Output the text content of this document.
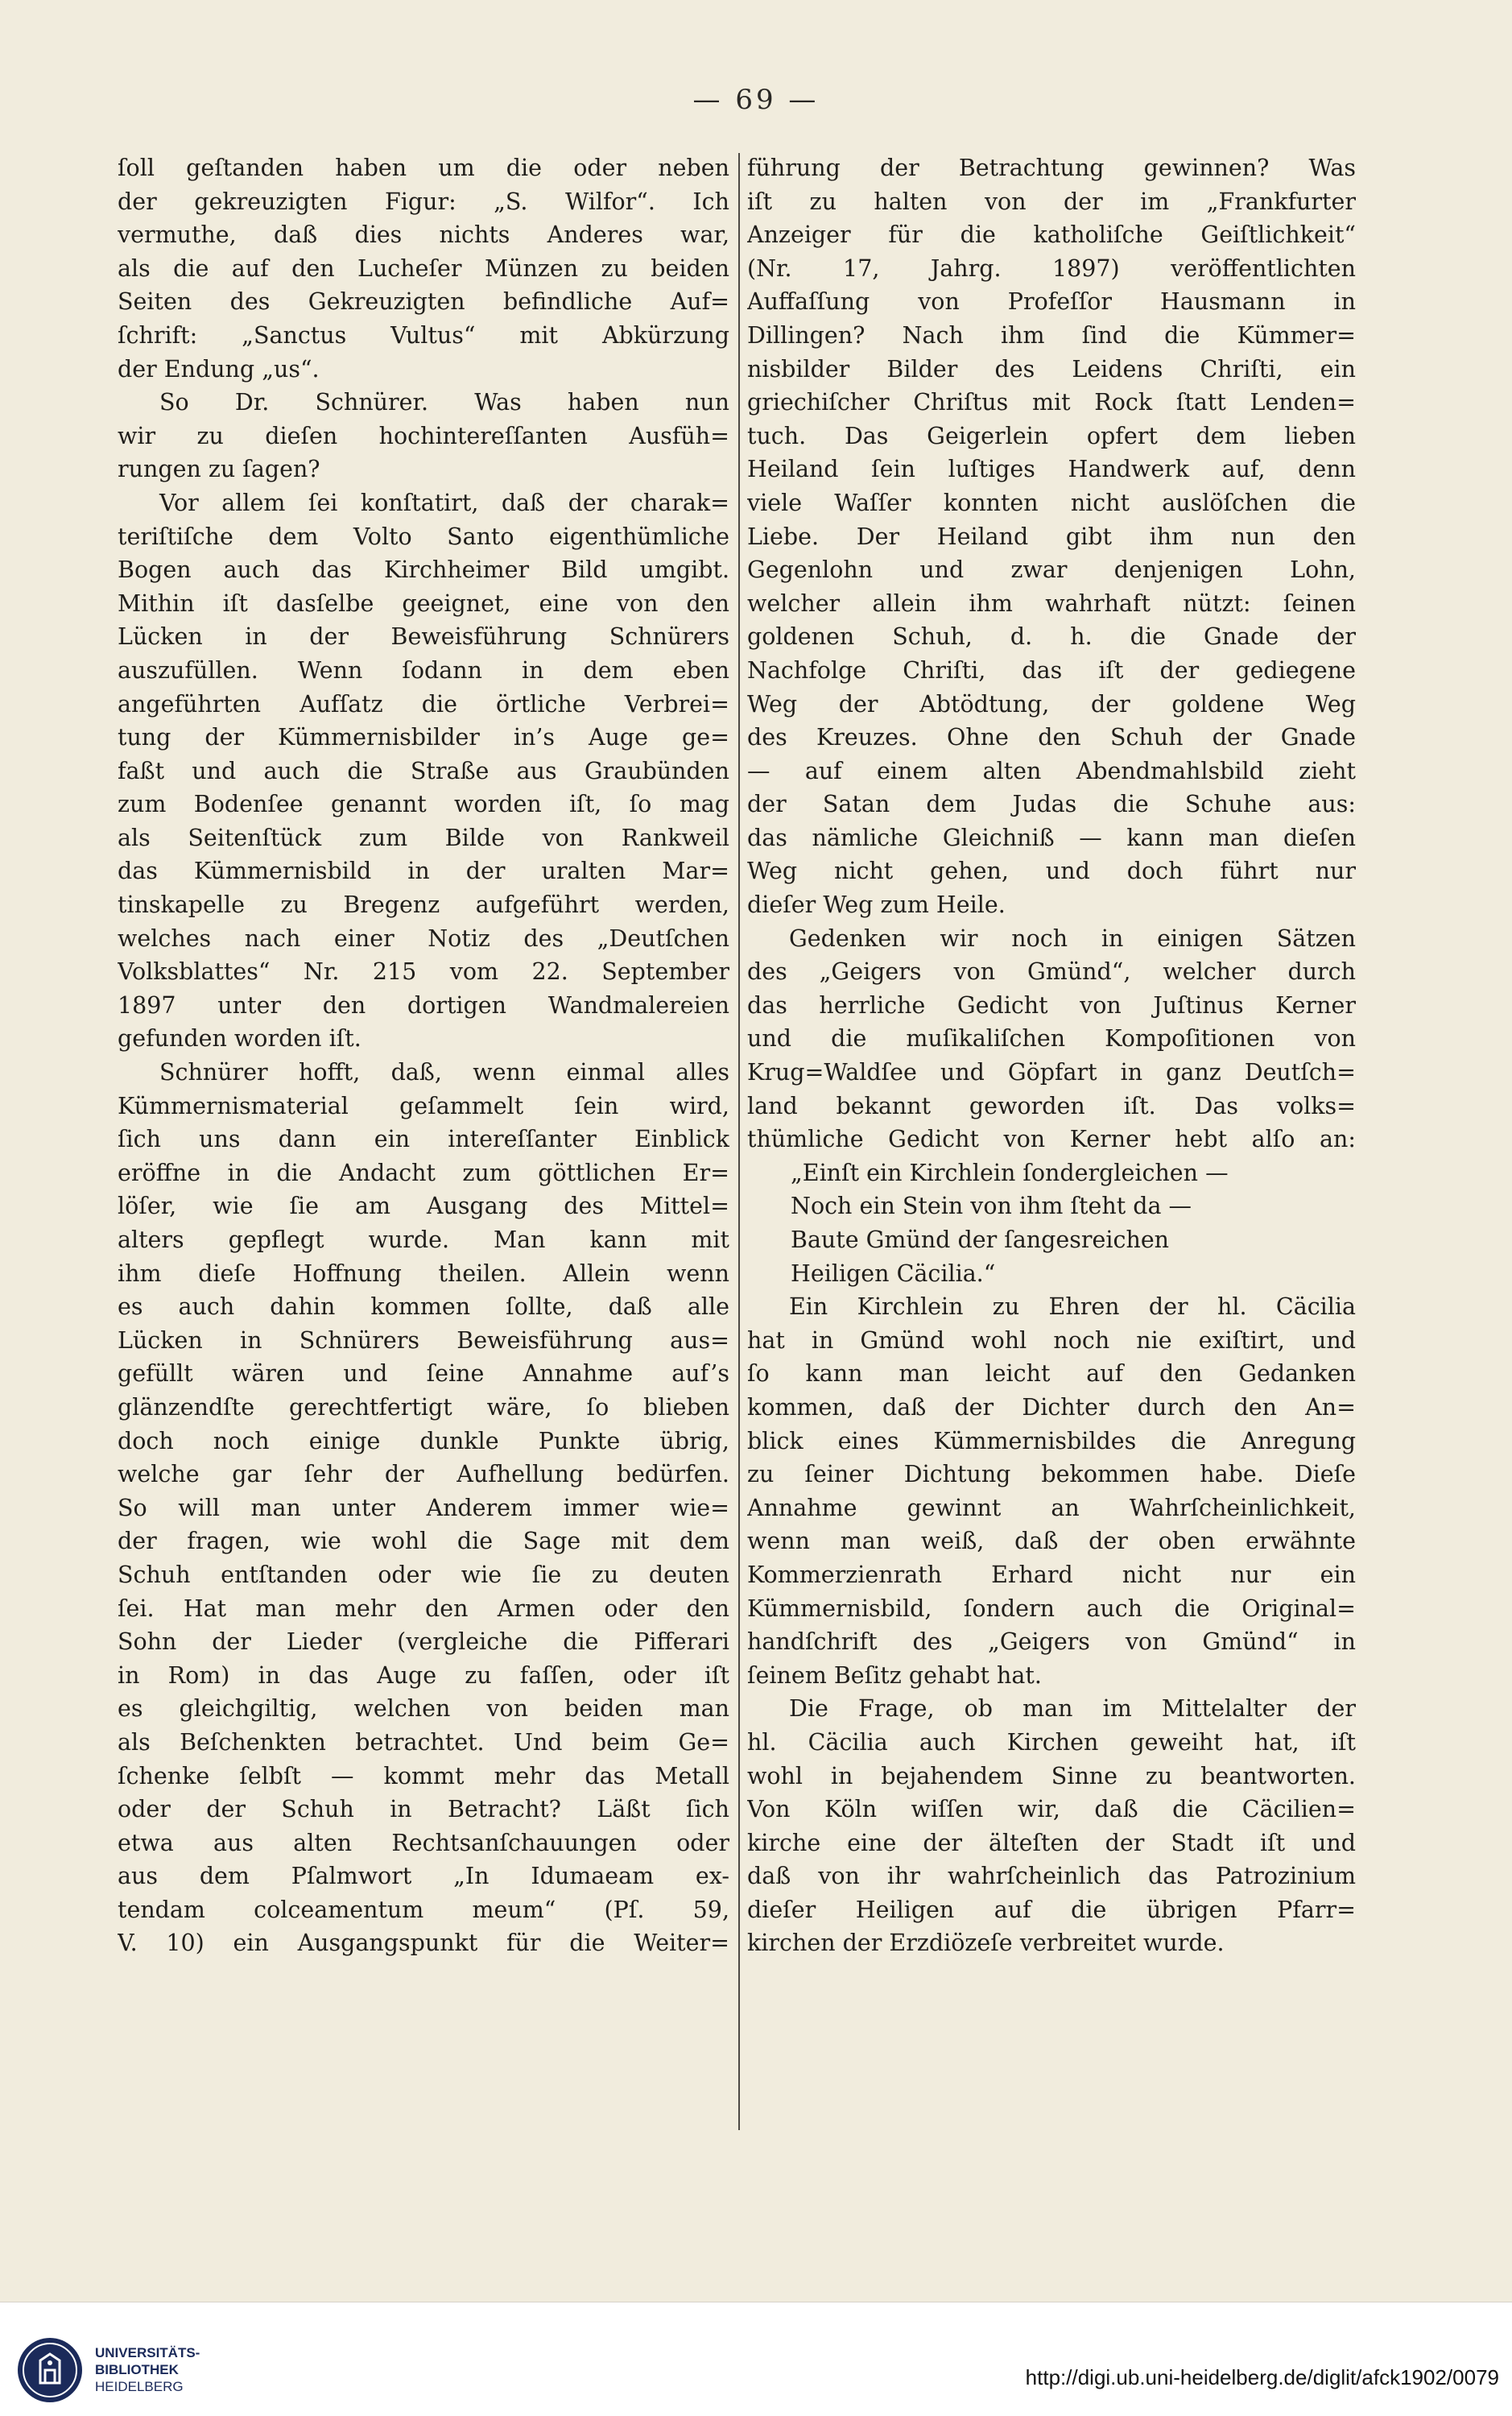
— 69 —
ſoll geſtanden haben um die oder neben
der gekreuzigten Figur: „S. Wilfor“. Ich
vermuthe, daß dies nichts Anderes war,
als die auf den Lucheſer Münzen zu beiden
Seiten des Gekreuzigten befindliche Auf=
ſchrift: „Sanctus Vultus“ mit Abkürzung
der Endung „us“.
So Dr. Schnürer. Was haben nun
wir zu dieſen hochintereſſanten Ausfüh=
rungen zu ſagen?
Vor allem ſei konſtatirt, daß der charak=
teriſtiſche dem Volto Santo eigenthümliche
Bogen auch das Kirchheimer Bild umgibt.
Mithin iſt dasſelbe geeignet, eine von den
Lücken in der Beweisführung Schnürers
auszufüllen. Wenn ſodann in dem eben
angeführten Aufſatz die örtliche Verbrei=
tung der Kümmernisbilder in’s Auge ge=
faßt und auch die Straße aus Graubünden
zum Bodenſee genannt worden iſt, ſo mag
als Seitenſtück zum Bilde von Rankweil
das Kümmernisbild in der uralten Mar=
tinskapelle zu Bregenz aufgeführt werden,
welches nach einer Notiz des „Deutſchen
Volksblattes“ Nr. 215 vom 22. September
1897 unter den dortigen Wandmalereien
gefunden worden iſt.
Schnürer hofft, daß, wenn einmal alles
Kümmernismaterial geſammelt ſein wird,
ſich uns dann ein intereſſanter Einblick
eröffne in die Andacht zum göttlichen Er=
löſer, wie ſie am Ausgang des Mittel=
alters gepflegt wurde. Man kann mit
ihm dieſe Hoffnung theilen. Allein wenn
es auch dahin kommen ſollte, daß alle
Lücken in Schnürers Beweisführung aus=
gefüllt wären und ſeine Annahme auf’s
glänzendſte gerechtfertigt wäre, ſo blieben
doch noch einige dunkle Punkte übrig,
welche gar ſehr der Aufhellung bedürfen.
So will man unter Anderem immer wie=
der fragen, wie wohl die Sage mit dem
Schuh entſtanden oder wie ſie zu deuten
ſei. Hat man mehr den Armen oder den
Sohn der Lieder (vergleiche die Pifferari
in Rom) in das Auge zu faſſen, oder iſt
es gleichgiltig, welchen von beiden man
als Beſchenkten betrachtet. Und beim Ge=
ſchenke ſelbſt — kommt mehr das Metall
oder der Schuh in Betracht? Läßt ſich
etwa aus alten Rechtsanſchauungen oder
aus dem Pſalmwort „In Idumaeam ex-
tendam colceamentum meum“ (Pſ. 59,
V. 10) ein Ausgangspunkt für die Weiter=
führung der Betrachtung gewinnen? Was
iſt zu halten von der im „Frankfurter
Anzeiger für die katholiſche Geiſtlichkeit“
(Nr. 17, Jahrg. 1897) veröffentlichten
Auffaſſung von Profeſſor Hausmann in
Dillingen? Nach ihm ſind die Kümmer=
nisbilder Bilder des Leidens Chriſti, ein
griechiſcher Chriſtus mit Rock ſtatt Lenden=
tuch. Das Geigerlein opfert dem lieben
Heiland ſein luſtiges Handwerk auf, denn
viele Waſſer konnten nicht auslöſchen die
Liebe. Der Heiland gibt ihm nun den
Gegenlohn und zwar denjenigen Lohn,
welcher allein ihm wahrhaft nützt: ſeinen
goldenen Schuh, d. h. die Gnade der
Nachfolge Chriſti, das iſt der gediegene
Weg der Abtödtung, der goldene Weg
des Kreuzes. Ohne den Schuh der Gnade
— auf einem alten Abendmahlsbild zieht
der Satan dem Judas die Schuhe aus:
das nämliche Gleichniß — kann man dieſen
Weg nicht gehen, und doch führt nur
dieſer Weg zum Heile.
Gedenken wir noch in einigen Sätzen
des „Geigers von Gmünd“, welcher durch
das herrliche Gedicht von Juſtinus Kerner
und die muſikaliſchen Kompoſitionen von
Krug=Waldſee und Göpfart in ganz Deutſch=
land bekannt geworden iſt. Das volks=
thümliche Gedicht von Kerner hebt alſo an:
„Einſt ein Kirchlein ſondergleichen —
Noch ein Stein von ihm ſteht da —
Baute Gmünd der ſangesreichen
Heiligen Cäcilia.“
Ein Kirchlein zu Ehren der hl. Cäcilia
hat in Gmünd wohl noch nie exiſtirt, und
ſo kann man leicht auf den Gedanken
kommen, daß der Dichter durch den An=
blick eines Kümmernisbildes die Anregung
zu ſeiner Dichtung bekommen habe. Dieſe
Annahme gewinnt an Wahrſcheinlichkeit,
wenn man weiß, daß der oben erwähnte
Kommerzienrath Erhard nicht nur ein
Kümmernisbild, ſondern auch die Original=
handſchrift des „Geigers von Gmünd“ in
ſeinem Beſitz gehabt hat.
Die Frage, ob man im Mittelalter der
hl. Cäcilia auch Kirchen geweiht hat, iſt
wohl in bejahendem Sinne zu beantworten.
Von Köln wiſſen wir, daß die Cäcilien=
kirche eine der älteſten der Stadt iſt und
daß von ihr wahrſcheinlich das Patrozinium
dieſer Heiligen auf die übrigen Pfarr=
kirchen der Erzdiözeſe verbreitet wurde.
UNIVERSITÄTS-
BIBLIOTHEK
HEIDELBERG	http://digi.ub.uni-heidelberg.de/diglit/afck1902/0079
